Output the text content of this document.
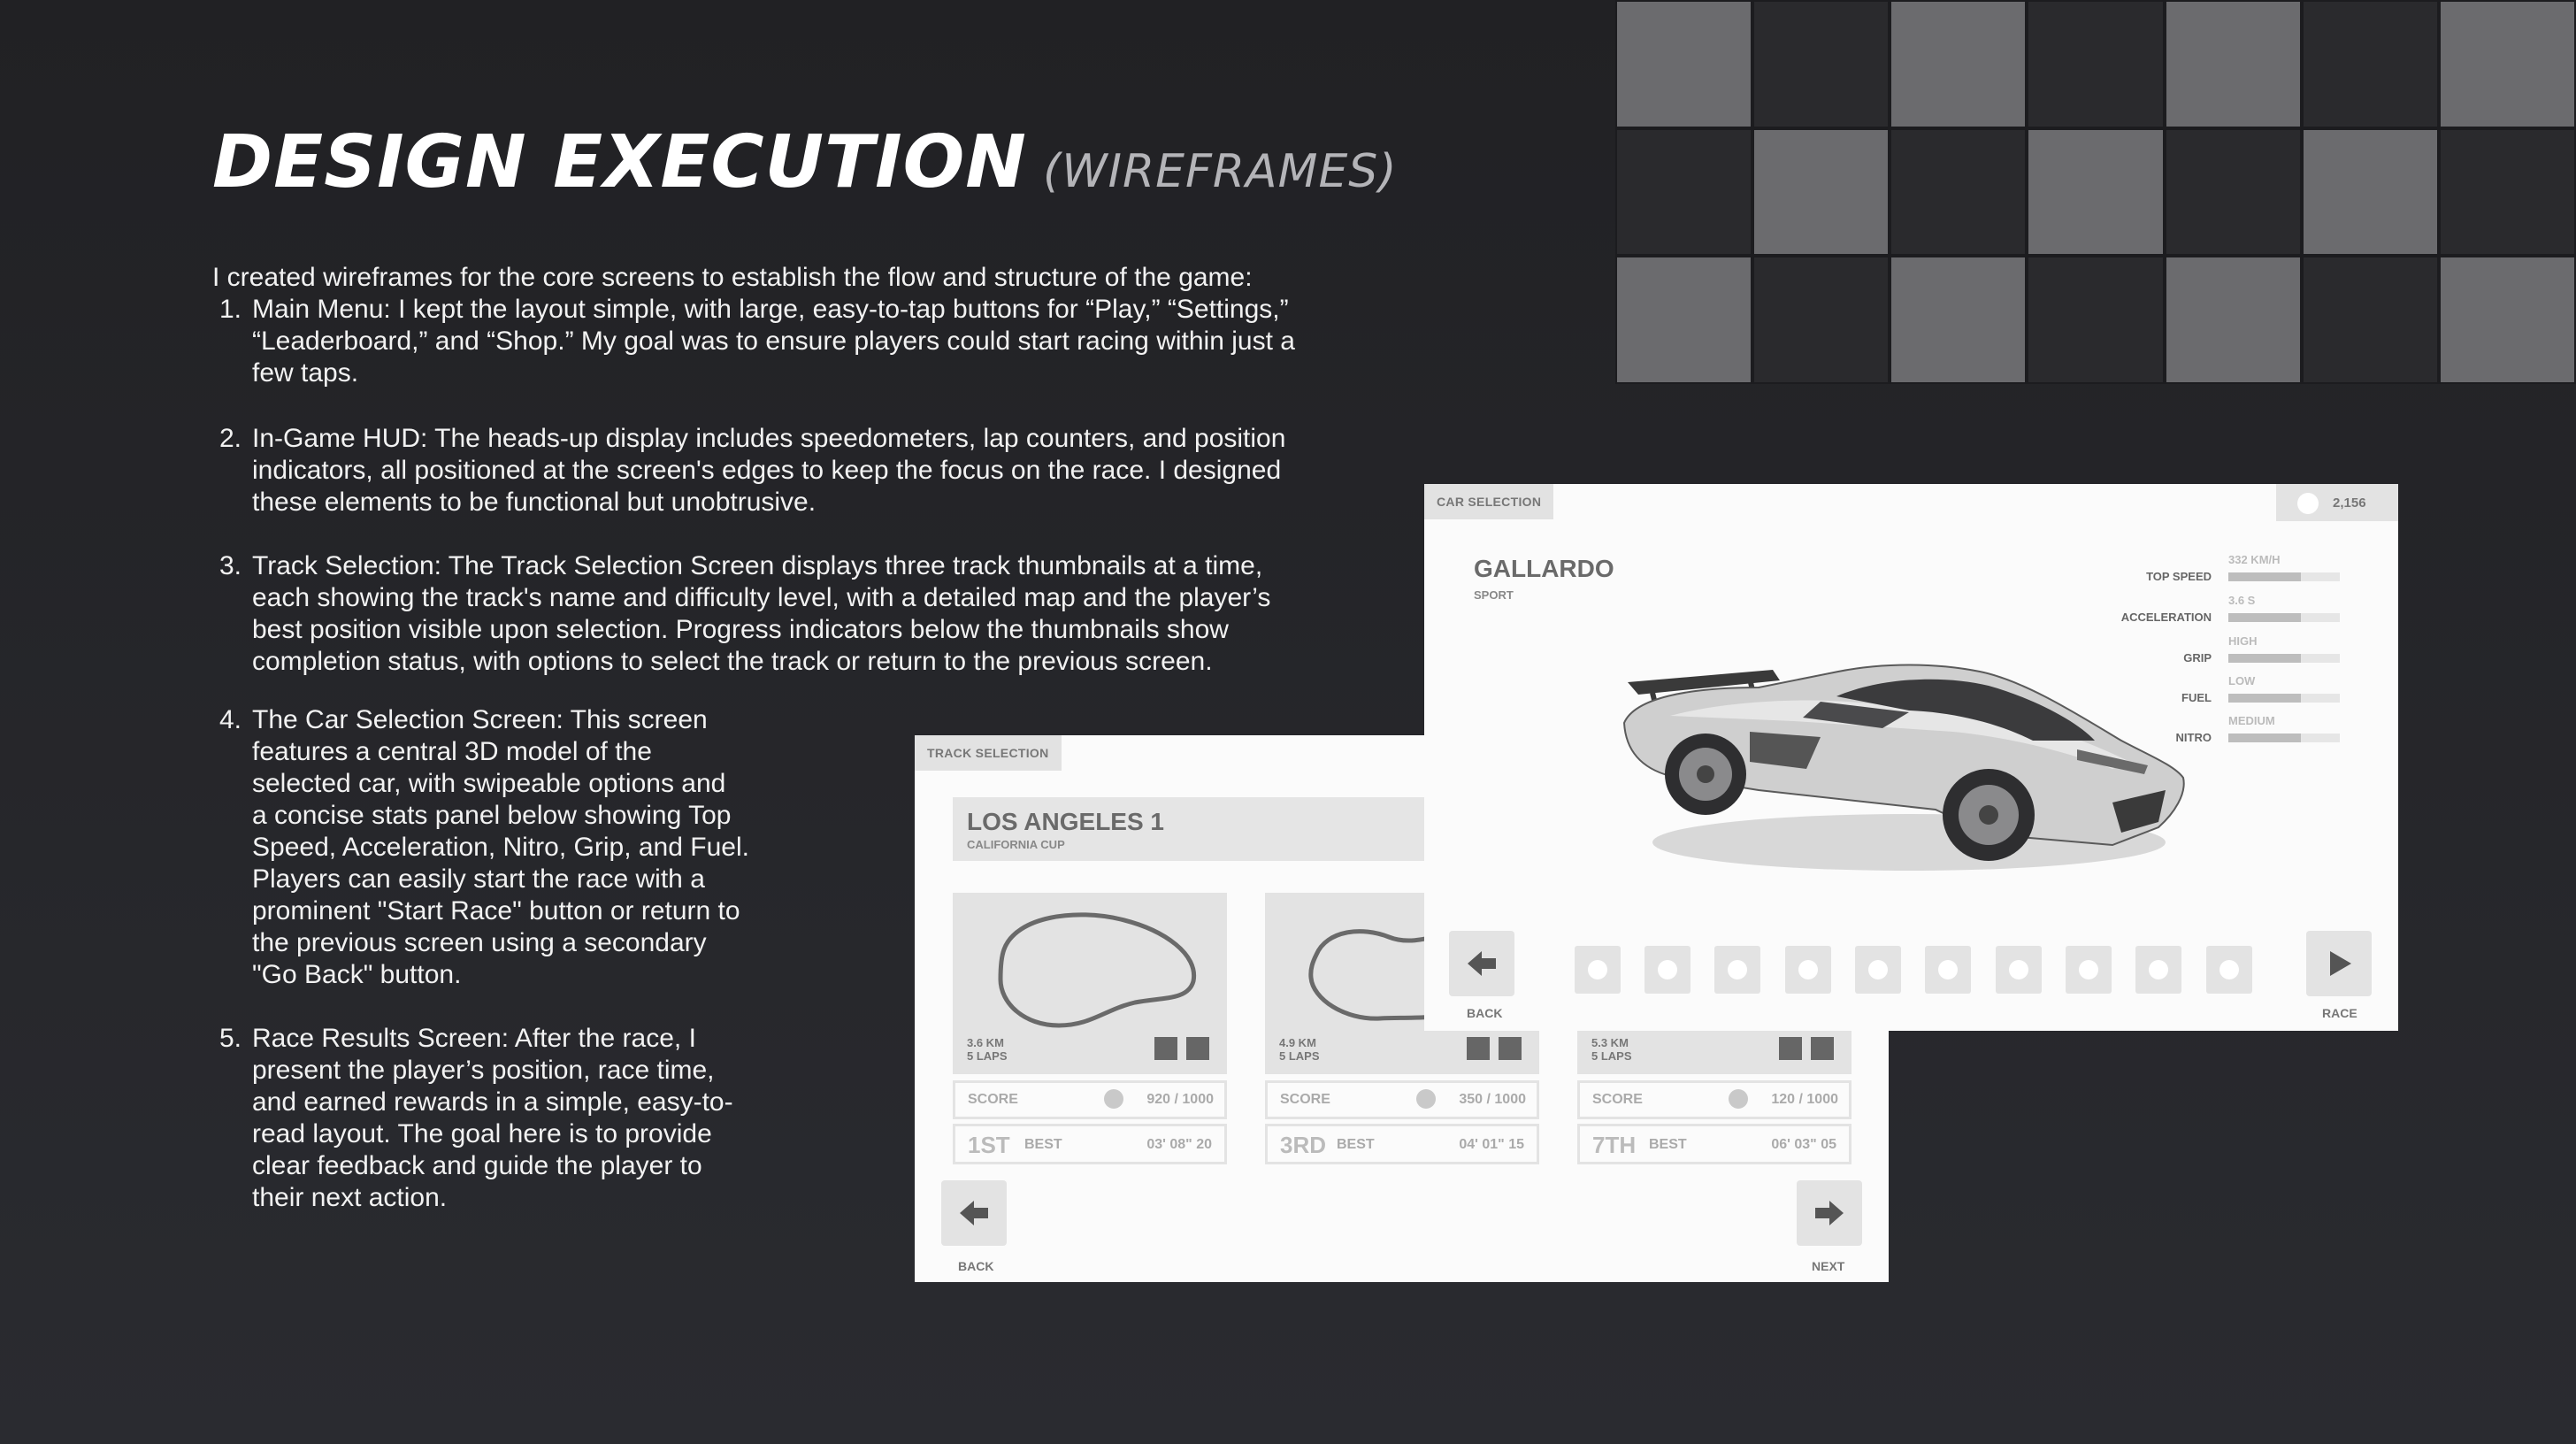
DESIGN EXECUTION (WIREFRAMES)
I created wireframes for the core screens to establish the flow and structure of the game:
1. Main Menu: I kept the layout simple, with large, easy-to-tap buttons for “Play,” “Settings,”
“Leaderboard,” and “Shop.” My goal was to ensure players could start racing within just a
few taps.
2. In-Game HUD: The heads-up display includes speedometers, lap counters, and position
indicators, all positioned at the screen's edges to keep the focus on the race. I designed
these elements to be functional but unobtrusive.
3. Track Selection: The Track Selection Screen displays three track thumbnails at a time,
each showing the track's name and difficulty level, with a detailed map and the player’s
best position visible upon selection. Progress indicators below the thumbnails show
completion status, with options to select the track or return to the previous screen.
4. The Car Selection Screen: This screen
features a central 3D model of the
selected car, with swipeable options and
a concise stats panel below showing Top
Speed, Acceleration, Nitro, Grip, and Fuel.
Players can easily start the race with a
prominent "Start Race" button or return to
the previous screen using a secondary
"Go Back" button.
5. Race Results Screen: After the race, I
present the player’s position, race time,
and earned rewards in a simple, easy-to-
read layout. The goal here is to provide
clear feedback and guide the player to
their next action.
TRACK SELECTION
LOS ANGELES 1
CALIFORNIA CUP
3.6 KM
5 LAPS
SCORE	920 / 1000
1ST BEST	03' 08" 20
4.9 KM
5 LAPS
SCORE	350 / 1000
3RD BEST	04' 01" 15
5.3 KM
5 LAPS
SCORE	120 / 1000
7TH BEST	06' 03" 05
BACK	NEXT
CAR SELECTION	2,156
GALLARDO
SPORT
TOP SPEED
332 KM/H
ACCELERATION
3.6 S
GRIP
HIGH
FUEL
LOW
NITRO
MEDIUM
BACK	RACE
